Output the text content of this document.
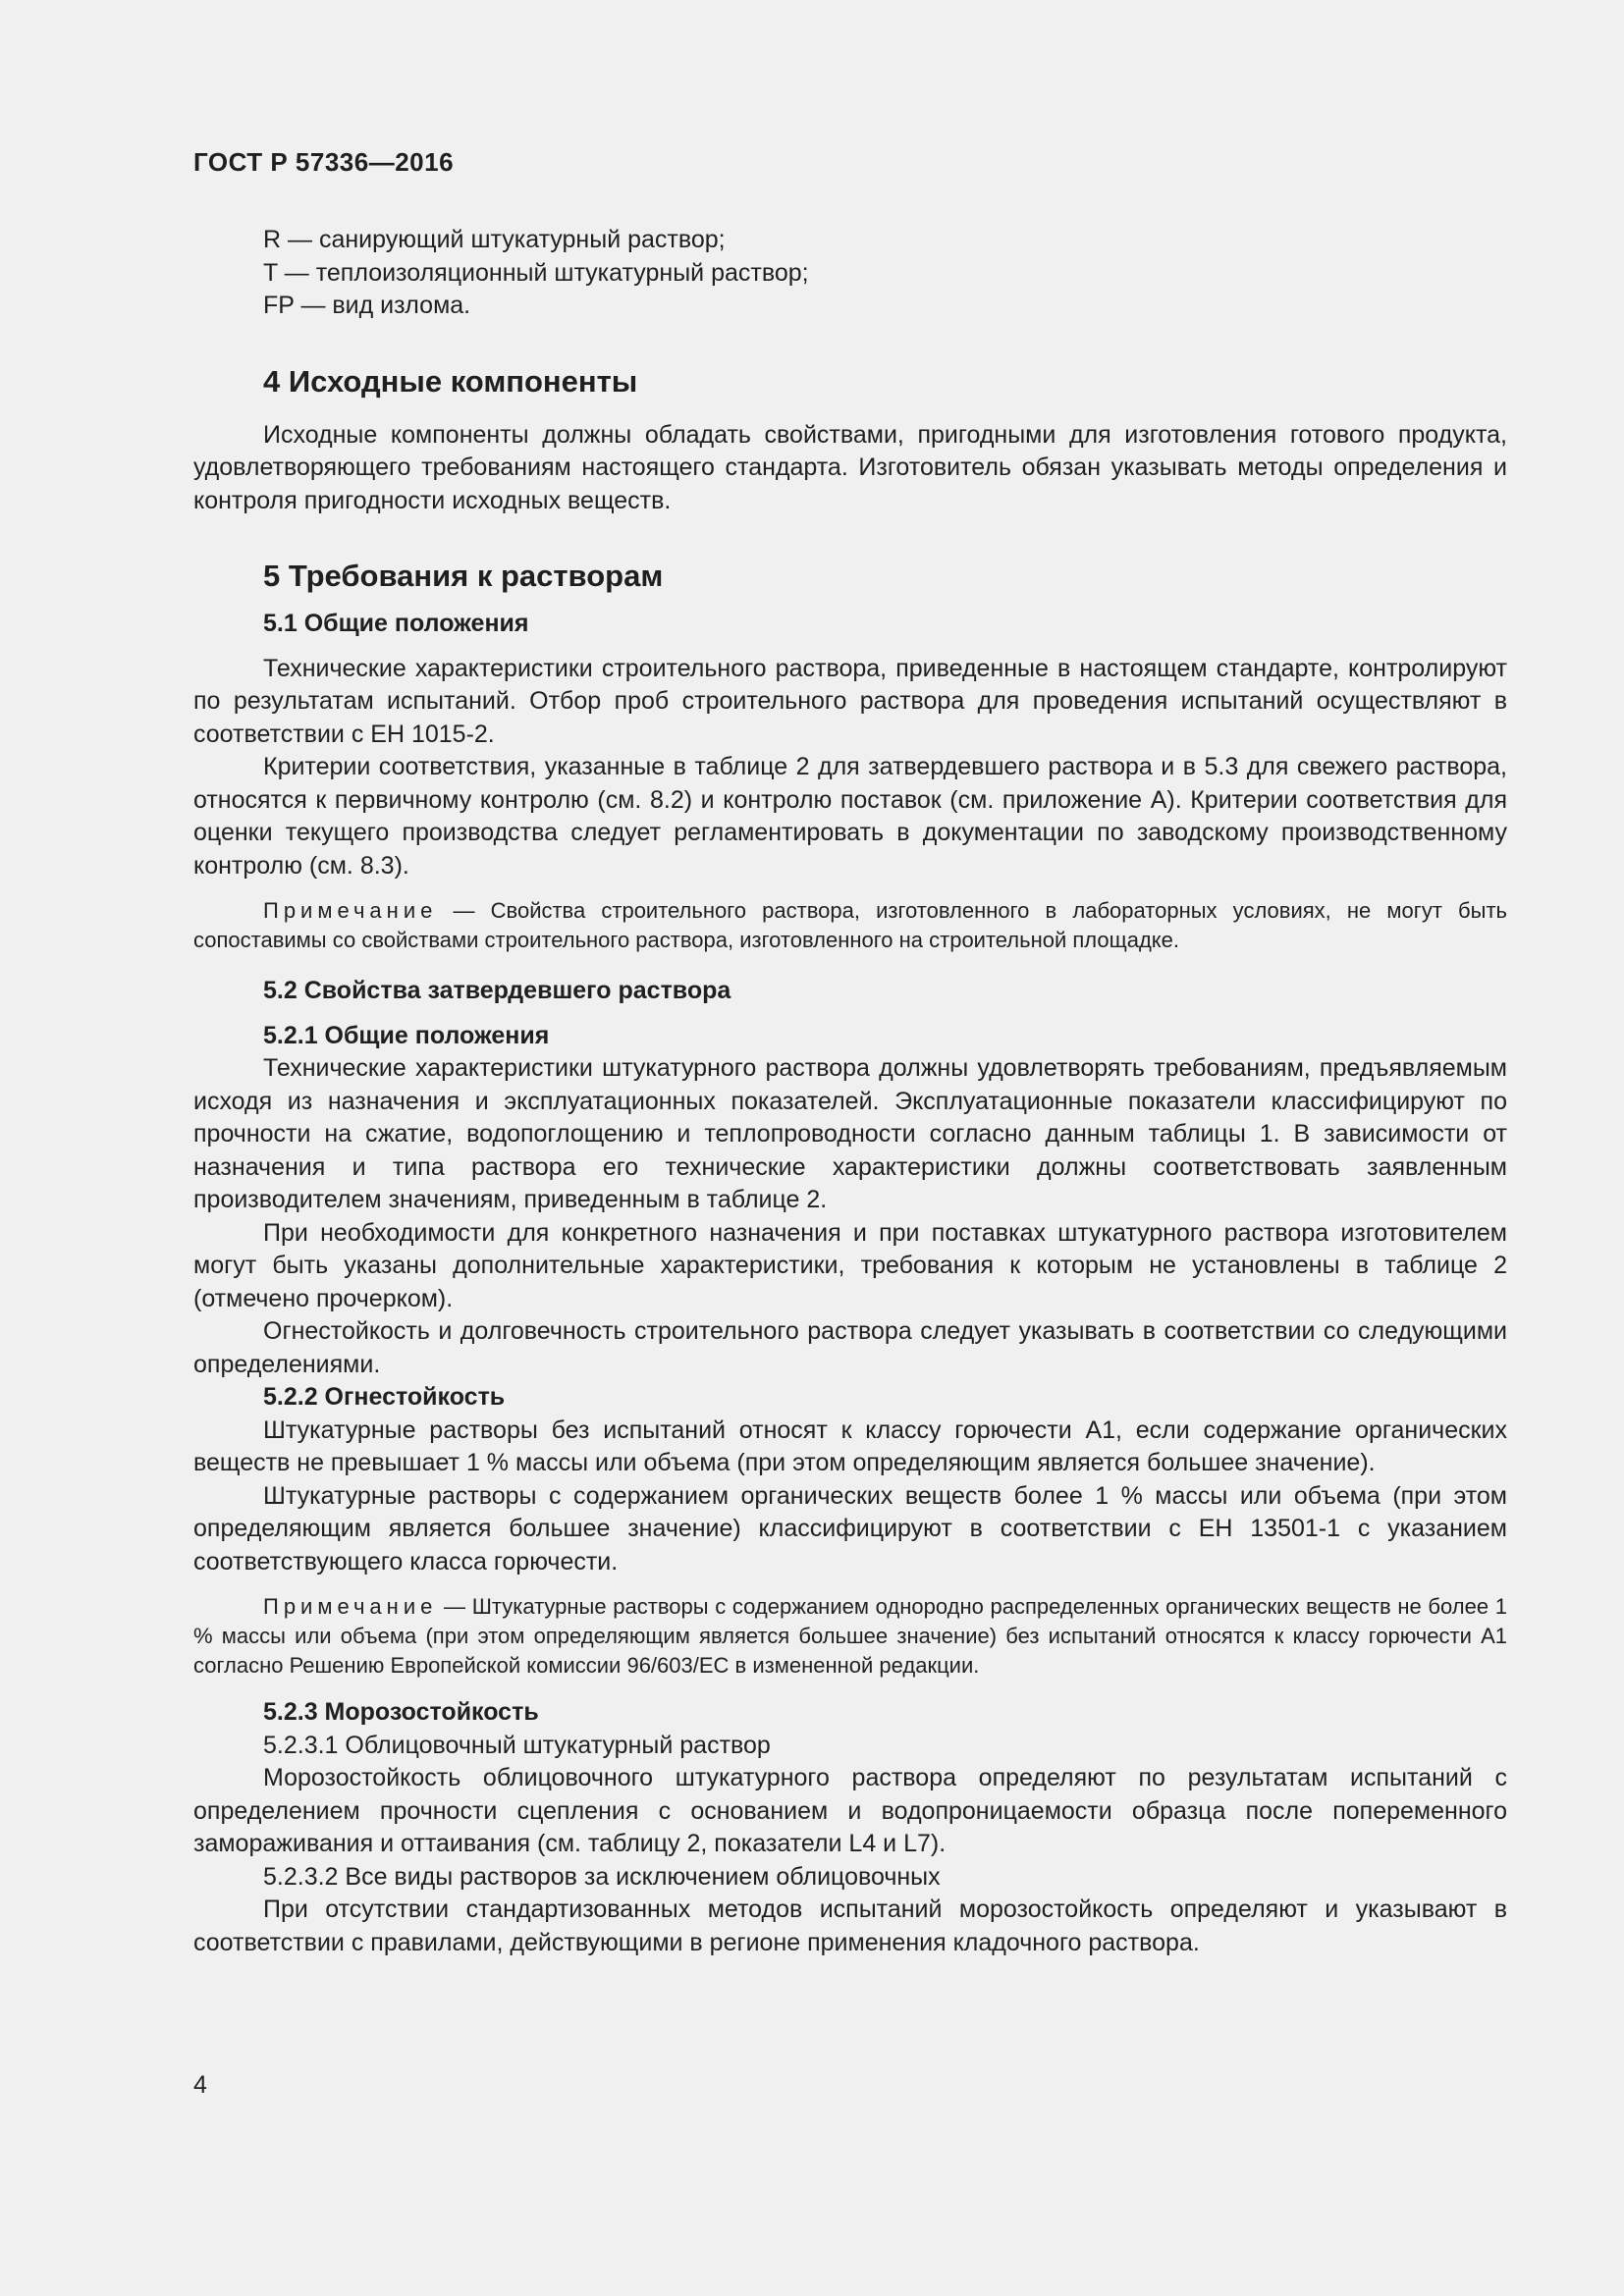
ГОСТ Р 57336—2016

R — санирующий штукатурный раствор;

T — теплоизоляционный штукатурный раствор;

FP — вид излома.

4 Исходные компоненты

Исходные компоненты должны обладать свойствами, пригодными для изготовления готового продукта, удовлетворяющего требованиям настоящего стандарта. Изготовитель обязан указывать методы определения и контроля пригодности исходных веществ.

5 Требования к растворам

5.1 Общие положения

Технические характеристики строительного раствора, приведенные в настоящем стандарте, контролируют по результатам испытаний. Отбор проб строительного раствора для проведения испытаний осуществляют в соответствии с ЕН 1015-2.

Критерии соответствия, указанные в таблице 2 для затвердевшего раствора и в 5.3 для свежего раствора, относятся к первичному контролю (см. 8.2) и контролю поставок (см. приложение А). Критерии соответствия для оценки текущего производства следует регламентировать в документации по заводскому производственному контролю (см. 8.3).

Примечание — Свойства строительного раствора, изготовленного в лабораторных условиях, не могут быть сопоставимы со свойствами строительного раствора, изготовленного на строительной площадке.

5.2 Свойства затвердевшего раствора

5.2.1 Общие положения

Технические характеристики штукатурного раствора должны удовлетворять требованиям, предъявляемым исходя из назначения и эксплуатационных показателей. Эксплуатационные показатели классифицируют по прочности на сжатие, водопоглощению и теплопроводности согласно данным таблицы 1. В зависимости от назначения и типа раствора его технические характеристики должны соответствовать заявленным производителем значениям, приведенным в таблице 2.

При необходимости для конкретного назначения и при поставках штукатурного раствора изготовителем могут быть указаны дополнительные характеристики, требования к которым не установлены в таблице 2 (отмечено прочерком).

Огнестойкость и долговечность строительного раствора следует указывать в соответствии со следующими определениями.

5.2.2 Огнестойкость

Штукатурные растворы без испытаний относят к классу горючести А1, если содержание органических веществ не превышает 1 % массы или объема (при этом определяющим является большее значение).

Штукатурные растворы с содержанием органических веществ более 1 % массы или объема (при этом определяющим является большее значение) классифицируют в соответствии с ЕН 13501-1 с указанием соответствующего класса горючести.

Примечание — Штукатурные растворы с содержанием однородно распределенных органических веществ не более 1 % массы или объема (при этом определяющим является большее значение) без испытаний относятся к классу горючести А1 согласно Решению Европейской комиссии 96/603/ЕС в измененной редакции.

5.2.3 Морозостойкость

5.2.3.1 Облицовочный штукатурный раствор

Морозостойкость облицовочного штукатурного раствора определяют по результатам испытаний с определением прочности сцепления с основанием и водопроницаемости образца после попеременного замораживания и оттаивания (см. таблицу 2, показатели L4 и L7).

5.2.3.2 Все виды растворов за исключением облицовочных

При отсутствии стандартизованных методов испытаний морозостойкость определяют и указывают в соответствии с правилами, действующими в регионе применения кладочного раствора.

4
